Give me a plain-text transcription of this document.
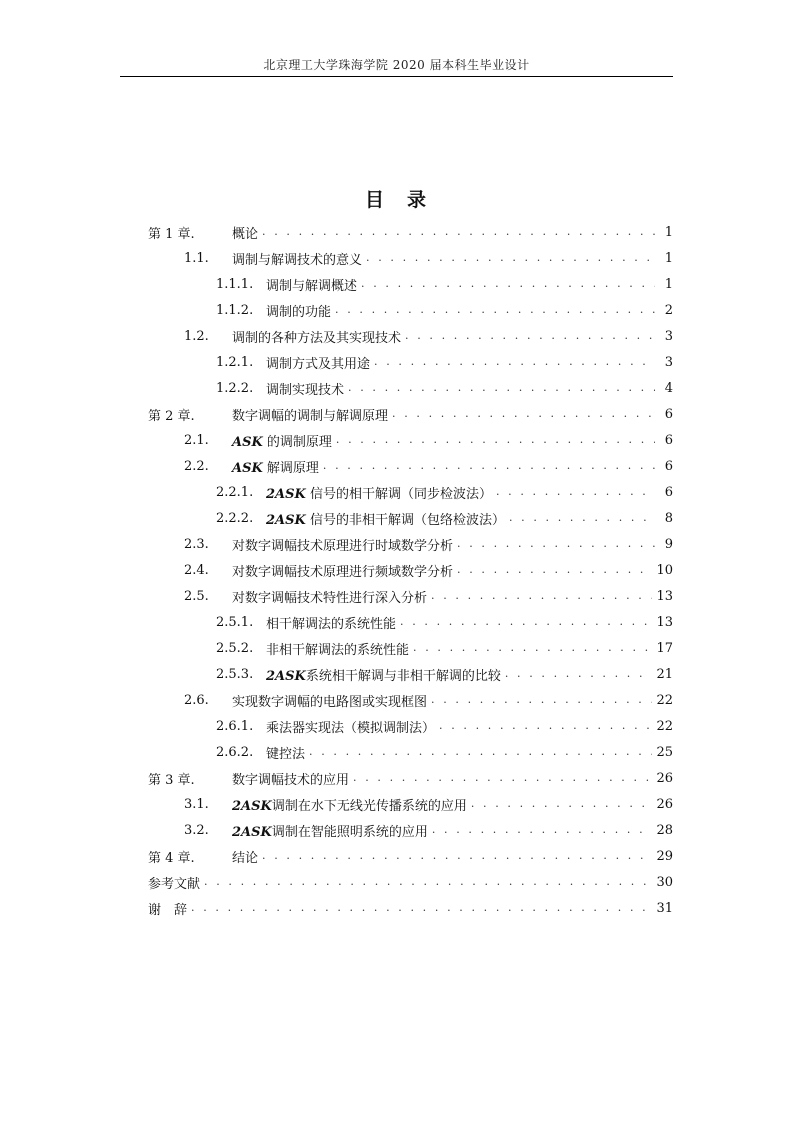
北京理工大学珠海学院 2020 届本科生毕业设计
目　录
第 1 章.	概论 . . .	1
1.1.	调制与解调技术的意义 . . .	1
1.1.1. 调制与解调概述 . . .	1
1.1.2. 调制的功能 . . .	2
1.2.	调制的各种方法及其实现技术 . . .	3
1.2.1. 调制方式及其用途 . . .	3
1.2.2. 调制实现技术 . . .	4
第 2 章.	数字调幅的调制与解调原理 . . .	6
2.1.	ASK 的调制原理 . . .	6
2.2.	ASK 解调原理 . . .	6
2.2.1. 2ASK 信号的相干解调（同步检波法） . . .	6
2.2.2. 2ASK 信号的非相干解调（包络检波法） . . .	8
2.3.	对数字调幅技术原理进行时域数学分析 . . .	9
2.4.	对数字调幅技术原理进行频域数学分析 . . .	10
2.5.	对数字调幅技术特性进行深入分析 . . .	13
2.5.1. 相干解调法的系统性能 . . .	13
2.5.2. 非相干解调法的系统性能 . . .	17
2.5.3. 2ASK系统相干解调与非相干解调的比较 . . .	21
2.6.	实现数字调幅的电路图或实现框图 . . .	22
2.6.1. 乘法器实现法（模拟调制法） . . .	22
2.6.2. 键控法 . . .	25
第 3 章.	数字调幅技术的应用 . . .	26
3.1.	2ASK调制在水下无线光传播系统的应用 . . .	26
3.2.	2ASK调制在智能照明系统的应用 . . .	28
第 4 章.	结论 . . .	29
参考文献 . . .	30
谢　辞 . . .	31
